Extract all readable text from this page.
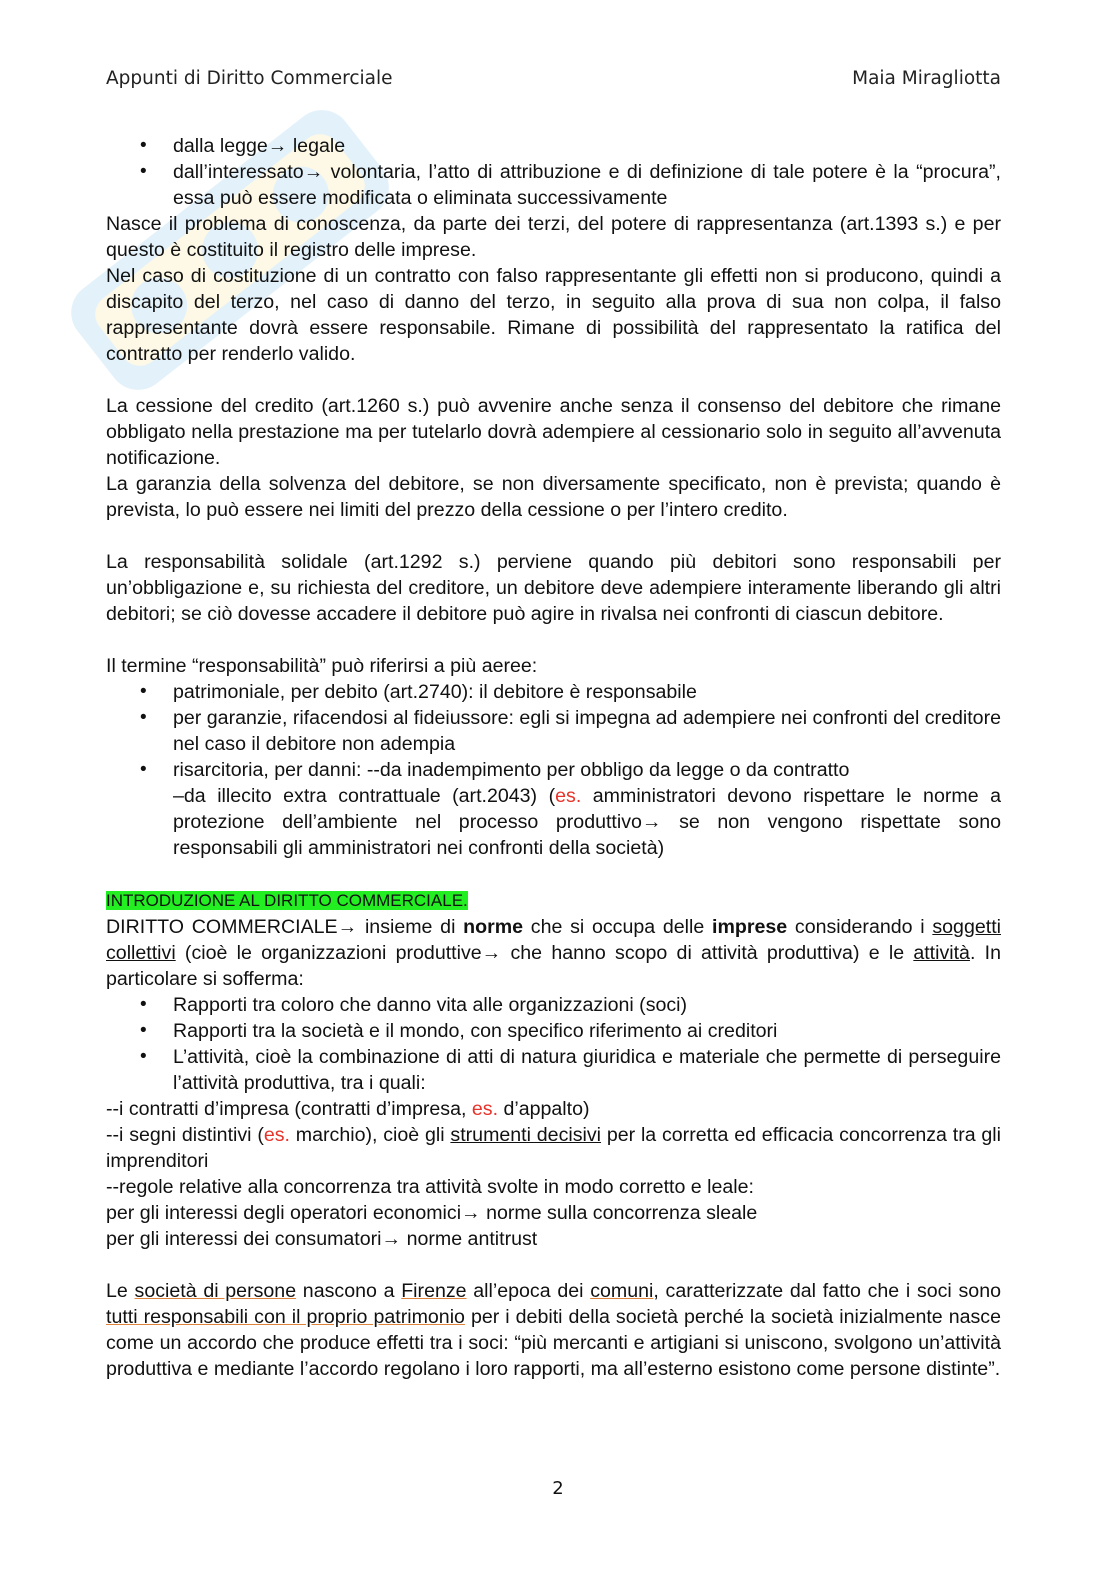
Appunti di Diritto Commerciale	Maia Miragliotta
• dalla legge→ legale
• dall’interessato→ volontaria, l’atto di attribuzione e di definizione di tale potere è la “procura”, essa può essere modificata o eliminata successivamente

Nasce il problema di conoscenza, da parte dei terzi, del potere di rappresentanza (art.1393 s.) e per questo è costituito il registro delle imprese.

Nel caso di costituzione di un contratto con falso rappresentante gli effetti non si producono, quindi a discapito del terzo, nel caso di danno del terzo, in seguito alla prova di sua non colpa, il falso rappresentante dovrà essere responsabile. Rimane di possibilità del rappresentato la ratifica del contratto per renderlo valido.

La cessione del credito (art.1260 s.) può avvenire anche senza il consenso del debitore che rimane obbligato nella prestazione ma per tutelarlo dovrà adempiere al cessionario solo in seguito all’avvenuta notificazione.

La garanzia della solvenza del debitore, se non diversamente specificato, non è prevista; quando è prevista, lo può essere nei limiti del prezzo della cessione o per l’intero credito.

La responsabilità solidale (art.1292 s.) perviene quando più debitori sono responsabili per un’obbligazione e, su richiesta del creditore, un debitore deve adempiere interamente liberando gli altri debitori; se ciò dovesse accadere il debitore può agire in rivalsa nei confronti di ciascun debitore.

Il termine “responsabilità” può riferirsi a più aeree:

• patrimoniale, per debito (art.2740): il debitore è responsabile
• per garanzie, rifacendosi al fideiussore: egli si impegna ad adempiere nei confronti del creditore nel caso il debitore non adempia
• risarcitoria, per danni: --da inadempimento per obbligo da legge o da contratto
–da illecito extra contrattuale (art.2043) (es. amministratori devono rispettare le norme a protezione dell’ambiente nel processo produttivo→ se non vengono rispettate sono responsabili gli amministratori nei confronti della società)

INTRODUZIONE AL DIRITTO COMMERCIALE.

DIRITTO COMMERCIALE→ insieme di norme che si occupa delle imprese considerando i soggetti collettivi (cioè le organizzazioni produttive→ che hanno scopo di attività produttiva) e le attività. In particolare si sofferma:

• Rapporti tra coloro che danno vita alle organizzazioni (soci)
• Rapporti tra la società e il mondo, con specifico riferimento ai creditori
• L’attività, cioè la combinazione di atti di natura giuridica e materiale che permette di perseguire l’attività produttiva, tra i quali:

--i contratti d’impresa (contratti d’impresa, es. d’appalto)

--i segni distintivi (es. marchio), cioè gli strumenti decisivi per la corretta ed efficacia concorrenza tra gli imprenditori

--regole relative alla concorrenza tra attività svolte in modo corretto e leale:

per gli interessi degli operatori economici→ norme sulla concorrenza sleale

per gli interessi dei consumatori→ norme antitrust

Le società di persone nascono a Firenze all’epoca dei comuni, caratterizzate dal fatto che i soci sono tutti responsabili con il proprio patrimonio per i debiti della società perché la società inizialmente nasce come un accordo che produce effetti tra i soci: “più mercanti e artigiani si uniscono, svolgono un’attività produttiva e mediante l’accordo regolano i loro rapporti, ma all’esterno esistono come persone distinte”.

2
